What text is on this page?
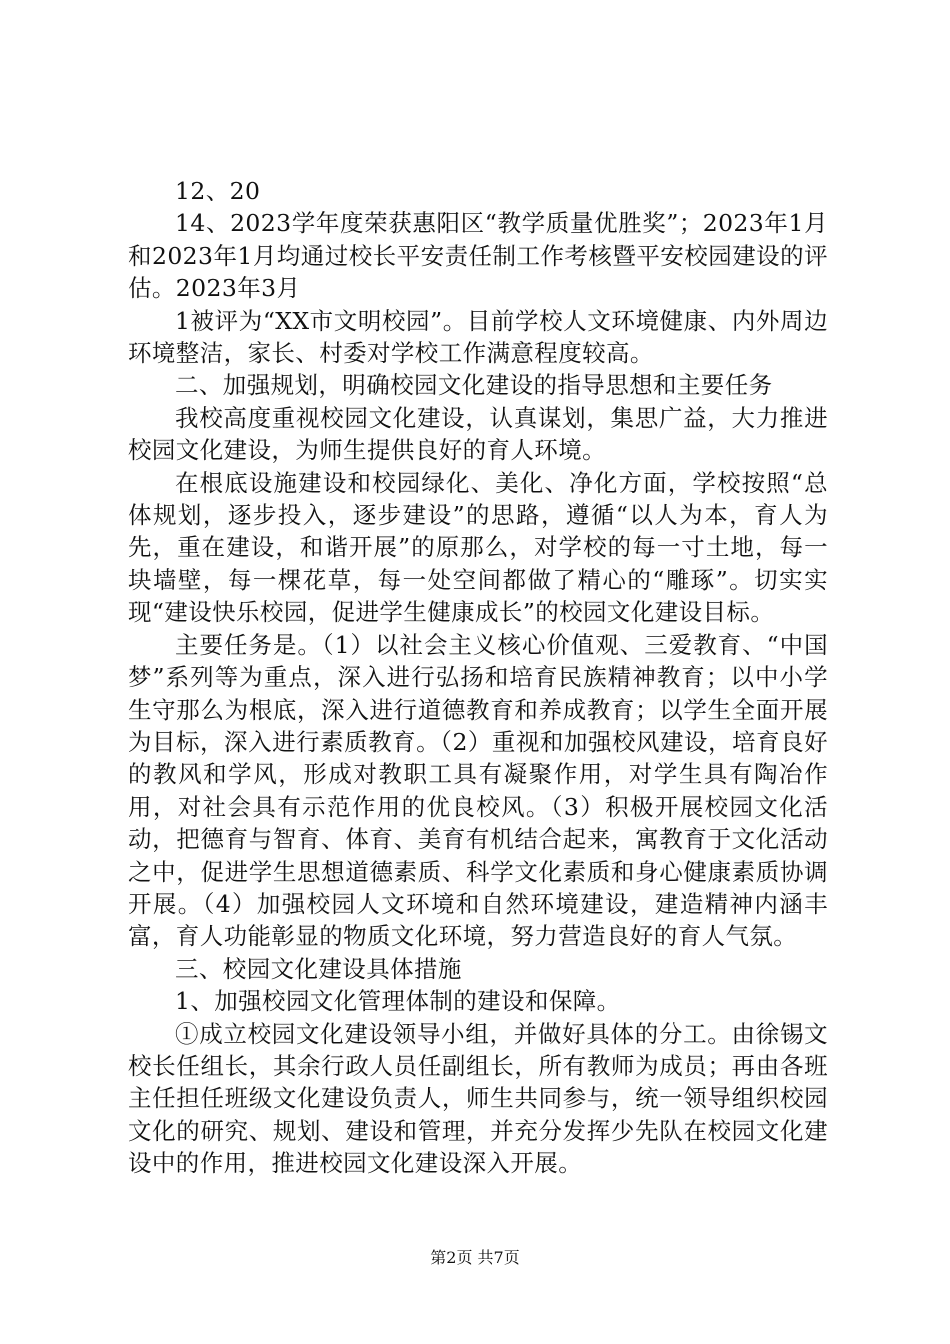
12、20

14、2023学年度荣获惠阳区“教学质量优胜奖”；2023年1月和2023年1月均通过校长平安责任制工作考核暨平安校园建设的评估。2023年3月

1被评为“XX市文明校园”。目前学校人文环境健康、内外周边环境整洁，家长、村委对学校工作满意程度较高。

二、加强规划，明确校园文化建设的指导思想和主要任务

我校高度重视校园文化建设，认真谋划，集思广益，大力推进校园文化建设，为师生提供良好的育人环境。

在根底设施建设和校园绿化、美化、净化方面，学校按照“总体规划，逐步投入，逐步建设”的思路，遵循“以人为本，育人为先，重在建设，和谐开展”的原那么，对学校的每一寸土地，每一块墙壁，每一棵花草，每一处空间都做了精心的“雕琢”。切实实现“建设快乐校园，促进学生健康成长”的校园文化建设目标。

主要任务是。（1）以社会主义核心价值观、三爱教育、“中国梦”系列等为重点，深入进行弘扬和培育民族精神教育；以中小学生守那么为根底，深入进行道德教育和养成教育；以学生全面开展为目标，深入进行素质教育。（2）重视和加强校风建设，培育良好的教风和学风，形成对教职工具有凝聚作用，对学生具有陶冶作用，对社会具有示范作用的优良校风。（3）积极开展校园文化活动，把德育与智育、体育、美育有机结合起来，寓教育于文化活动之中，促进学生思想道德素质、科学文化素质和身心健康素质协调开展。（4）加强校园人文环境和自然环境建设，建造精神内涵丰富，育人功能彰显的物质文化环境，努力营造良好的育人气氛。

三、校园文化建设具体措施

1、加强校园文化管理体制的建设和保障。

①成立校园文化建设领导小组，并做好具体的分工。由徐锡文校长任组长，其余行政人员任副组长，所有教师为成员；再由各班主任担任班级文化建设负责人，师生共同参与，统一领导组织校园文化的研究、规划、建设和管理，并充分发挥少先队在校园文化建设中的作用，推进校园文化建设深入开展。

第2页 共7页
